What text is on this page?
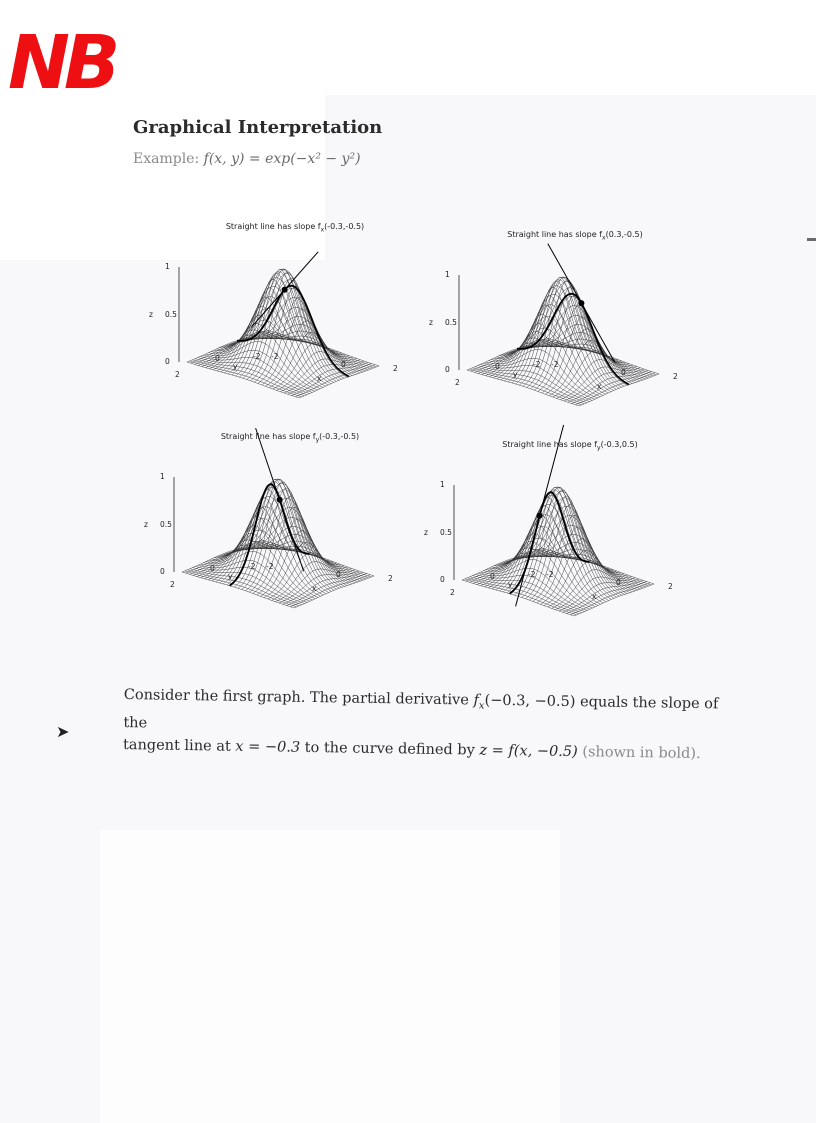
➤
NB
Graphical Interpretation
Example: f(x, y) = exp(−x² − y²)
Straight line has slope $f_x(-0.3,-0.5)$
1
0.5
0
z
2
0	-2 -2
0	2
y
x
Straight line has slope $f_x(0.3,-0.5)$
1
0.5
0
z
2
0	-2 -2
0	2
y
x
Straight line has slope $f_y(-0.3,-0.5)$
1
0.5
0
z
2
0	-2 -2
0	2
y
x
Straight line has slope $f_y(-0.3,0.5)$
1
0.5
0
z
2
0	-2 -2
0	2
y
x
Consider the first graph. The partial derivative $f_x(-0.3$, −0.5) equals the slope of the
tangent line at x = −0.3 to the curve defined by z = f(x, −0.5) (shown in bold).
